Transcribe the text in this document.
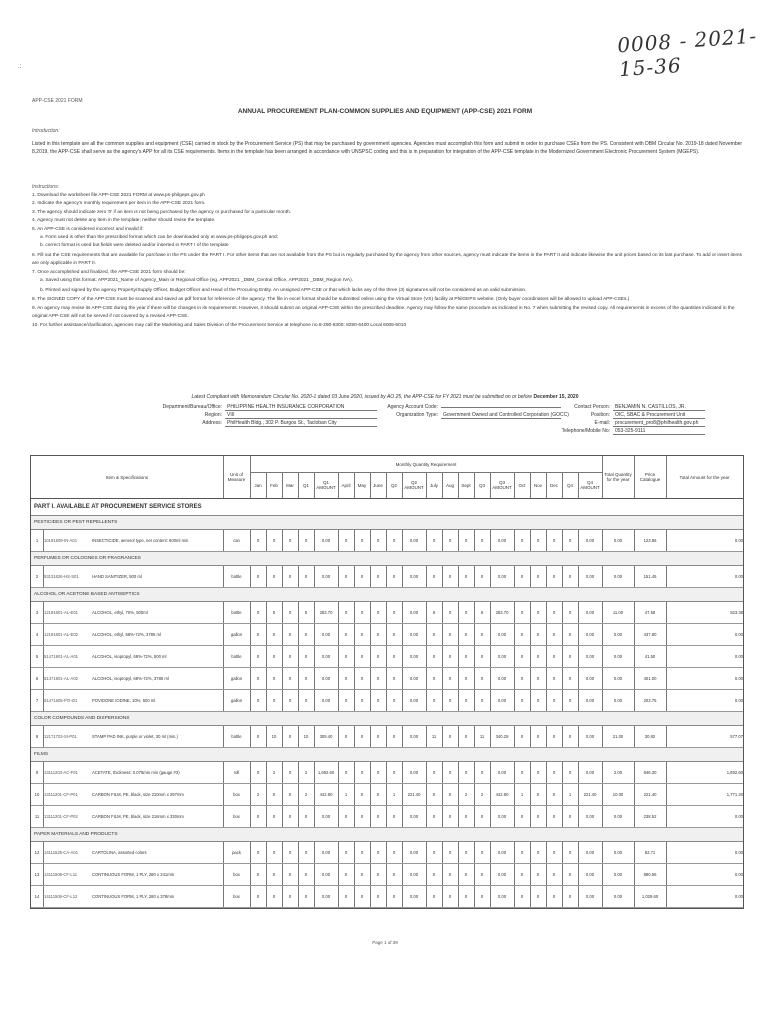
0008 - 2021-15-36
.:
APP-CSE 2021 FORM
ANNUAL PROCUREMENT PLAN-COMMON SUPPLIES AND EQUIPMENT (APP-CSE) 2021 FORM
Introduction:
Listed in this template are all the common supplies and equipment (CSE) carried in stock by the Procurement Service (PS) that may be purchased by government agencies. Agencies must accomplish this form and submit in order to purchase CSEs from the PS. Consistent with DBM Circular No. 2019-18 dated November 8,2019, the APP-CSE shall serve as the agency's APP for all its CSE requirements. Items in the template has been arranged in accordance with UNSPSC coding and this is in preparation for integration of the APP-CSE template in the Modernized Government Electronic Procurement System (MGEPS).
Instructions:
1. Download the worksheet file APP-CSE 2021 FORM at www.ps-philgeps.gov.ph
2. Indicate the agency's monthly requirement per item in the APP-CSE 2021 form.
3. The agency should indicate zero '0' if an item is not being purchased by the agency or purchased for a particular month.
4. Agency must not delete any item in the template; neither should revise the template.
5. An APP-CSE is considered incorrect and invalid if:
a. Form used is other than the prescribed format which can be downloaded only at www.ps-philgeps.gov.ph and;
b. correct format is used but fields were deleted and/or inserted in PART I of the template
6. Fill out the CSE requirements that are available for purchase in the PS under the PART I. For other items that are not available from the PS but is regularly purchased by the agency from other sources, agency must indicate the items in the PART II and indicate likewise the unit prices based on its last purchase. To add or insert items are only applicable in PART II.
7. Once accomplished and finalized, the APP-CSE 2021 form should be:
a. Saved using this format: APP2021_Name of Agency_Main or Regional Office (eg. APP2021 _DBM_Central Office, APP2021 _DBM_Region IVA).
b. Printed and signed by the agency Property/Supply Officer, Budget Officer and Head of the Procuring Entity. An unsigned APP-CSE or that which lacks any of the three (3) signatures will not be considered as an valid submission.
8. The SIGNED COPY of the APP-CSE must be scanned and saved as pdf format for reference of the agency. The file in excel format should be submitted online using the Virtual Store (VS) facility at PhilGEPS website. (Only buyer coordinators will be allowed to upload APP-CSEs.)
9. An agency may revise its APP-CSE during the year if there will be changes in its requirements. However, it should submit an original APP-CSE within the prescribed deadline. Agency may follow the same procedure as indicated in No. 7 when submitting the revised copy. All requirements in excess of the quantities indicated in the original APP-CSE will not be served if not covered by a revised APP-CSE.
10. For further assistance/clarification, agencies may call the Marketing and Sales Division of the Procurement Service at telephone no.8-290-6300; 8290-6400 Local 6006-6010
Latest Compliant with Memorandum Circular No. 2020-1 dated 03 June 2020, issued by AO 25, the APP-CSE for FY 2021 must be submitted on or before December 15, 2020
Department/Bureau/Office: PHILIPPINE HEALTH INSURANCE CORPORATION
Region: VIII
Address: PhilHealth Bldg., 302 P. Burgos St., Tacloban City
Agency Account Code:
Organization Type: Government Owned and Controlled Corporation (GOCC)
Contact Person: BENJAMIN N. CASTILLOS, JR.
Position: OIC, SBAC & Procurement Unit
E-mail: procurement_pro8@philhealth.gov.ph
Telephone/Mobile No: 053-325-9111
Item & Specifications	Unit of Measure
Monthly Quantity Requirement
Jan	Feb	Mar	Q1	Q1 AMOUNT	April	May	June	Q2	Q2 AMOUNT	July	Aug	Sept	Q3	Q3 AMOUNT	Oct	Nov	Dec	Q4	Q4 AMOUNT
Total Quantity for the year
Price Catalogue	Total Amount for the year
PART I. AVAILABLE AT PROCUREMENT SERVICE STORES
PESTICIDES OR PEST REPELLENTS
1	10191509-IN-A01	INSECTICIDE, aerosol type, net content: 600ml min	can	0	0	0	0	0.00	0	0	0	0	0.00	0	0	0	0	0.00	0	0	0	0	0.00	0.00	123.86	0.00
PERFUMES OR COLOGNES OR FRAGRANCES
2	53131626-HS-S01	HAND SANITIZER, 500 ml	bottle	0	0	0	0	0.00	0	0	0	0	0.00	0	0	0	0	0.00	0	0	0	0	0.00	0.00	151.45	0.00
ALCOHOL OR ACETONE BASED ANTISEPTICS
3	12191601-AL-E01	ALCOHOL, ethyl, 70%, 500ml	bottle	0	5	0	5	283.70	0	0	0	0	0.00	6	0	0	6	283.70	0	0	0	0	0.00	11.00	47.58	523.38
4	12191601-AL-E02	ALCOHOL, ethyl, 68%-72%, 3785 ml	gallon	0	0	0	0	0.00	0	0	0	0	0.00	0	0	0	0	0.00	0	0	0	0	0.00	0.00	437.80	0.00
5	51471901-AL-A01	ALCOHOL, isopropyl, 68%-72%, 500 ml	bottle	0	0	0	0	0.00	0	0	0	0	0.00	0	0	0	0	0.00	0	0	0	0	0.00	0.00	41.50	0.00
6	51471901-AL-A02	ALCOHOL, isopropyl, 68%-72%, 3785 ml	gallon	0	0	0	0	0.00	0	0	0	0	0.00	0	0	0	0	0.00	0	0	0	0	0.00	0.00	401.00	0.00
7	51471505-PO-I01	POVIDONE IODINE, 10%, 500 ml	gallon	0	0	0	0	0.00	0	0	0	0	0.00	0	0	0	0	0.00	0	0	0	0	0.00	0.00	203.75	0.00
COLOR COMPOUNDS AND DISPERSIONS
8	12171703-SI-P01	STAMP PAD INK, purple or violet, 30 ml (min.)	bottle	0	10	0	10	309.40	0	0	0	0	0.00	11	0	0	11	340.29	0	0	0	0	0.00	21.00	30.92	577.07
FILMS
9	13111203-AC-F01	ACETATE, thickness: 0.075mm min (gauge #3)	roll	0	2	0	2	1,692.60	0	0	0	0	0.00	0	0	0	0	0.00	0	0	0	0	0.00	2.00	846.30	1,692.60
10	13111201-CF-P01	CARBON FILM, PE, black, size 210mm x 297mm	box	2	0	0	2	442.80	1	0	0	1	221.40	0	0	2	2	442.80	1	0	0	1	221.40	10.00	221.40	1,771.20
11	13111201-CF-P02	CARBON FILM, PE, black, size 216mm x 330mm	box	0	0	0	0	0.00	0	0	0	0	0.00	0	0	0	0	0.00	0	0	0	0	0.00	0.00	238.52	0.00
PAPER MATERIALS AND PRODUCTS
12	14111525-CA-A01	CARTOLINA, assorted colors	pack	0	0	0	0	0.00	0	0	0	0	0.00	0	0	0	0	0.00	0	0	0	0	0.00	0.00	82.71	0.00
13	14111506-CF-L11	CONTINUOUS FORM, 1 PLY, 280 x 241mm	box	0	0	0	0	0.00	0	0	0	0	0.00	0	0	0	0	0.00	0	0	0	0	0.00	0.00	880.55	0.00
14	14111506-CF-L12	CONTINUOUS FORM, 1 PLY, 280 x 378mm	box	0	0	0	0	0.00	0	0	0	0	0.00	0	0	0	0	0.00	0	0	0	0	0.00	0.00	1,029.60	0.00
Page 1 of 39
